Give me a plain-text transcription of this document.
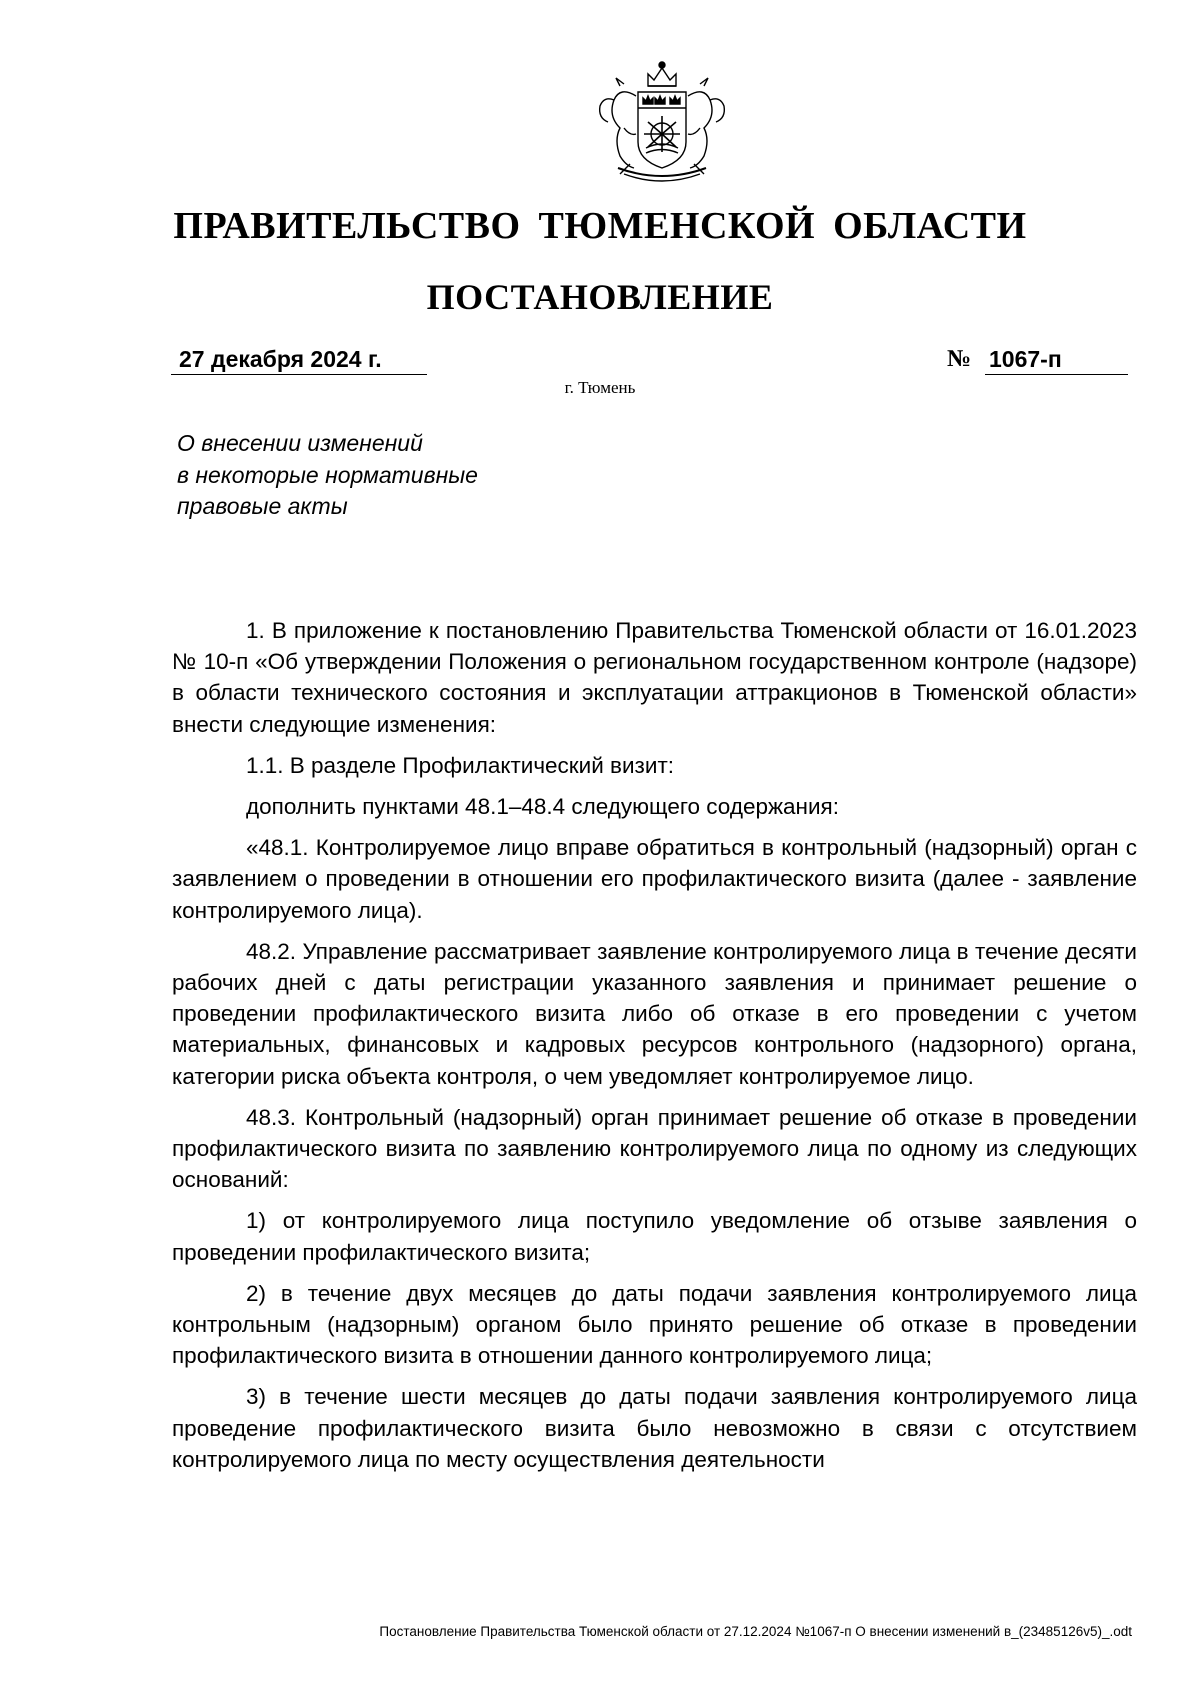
ПРАВИТЕЛЬСТВО ТЮМЕНСКОЙ ОБЛАСТИ
ПОСТАНОВЛЕНИЕ
27 декабря 2024 г.	№ 1067-п
г. Тюмень
О внесении изменений
в некоторые нормативные
правовые акты

1. В приложение к постановлению Правительства Тюменской области от 16.01.2023 № 10-п «Об утверждении Положения о региональном государственном контроле (надзоре) в области технического состояния и эксплуатации аттракционов в Тюменской области» внести следующие изменения:

1.1. В разделе Профилактический визит:

дополнить пунктами 48.1–48.4 следующего содержания:

«48.1. Контролируемое лицо вправе обратиться в контрольный (надзорный) орган с заявлением о проведении в отношении его профилактического визита (далее - заявление контролируемого лица).

48.2. Управление рассматривает заявление контролируемого лица в течение десяти рабочих дней с даты регистрации указанного заявления и принимает решение о проведении профилактического визита либо об отказе в его проведении с учетом материальных, финансовых и кадровых ресурсов контрольного (надзорного) органа, категории риска объекта контроля, о чем уведомляет контролируемое лицо.

48.3. Контрольный (надзорный) орган принимает решение об отказе в проведении профилактического визита по заявлению контролируемого лица по одному из следующих оснований:

1) от контролируемого лица поступило уведомление об отзыве заявления о проведении профилактического визита;

2) в течение двух месяцев до даты подачи заявления контролируемого лица контрольным (надзорным) органом было принято решение об отказе в проведении профилактического визита в отношении данного контролируемого лица;

3) в течение шести месяцев до даты подачи заявления контролируемого лица проведение профилактического визита было невозможно в связи с отсутствием контролируемого лица по месту осуществления деятельности

Постановление Правительства Тюменской области от 27.12.2024 №1067-п О внесении изменений в_(23485126v5)_.odt
